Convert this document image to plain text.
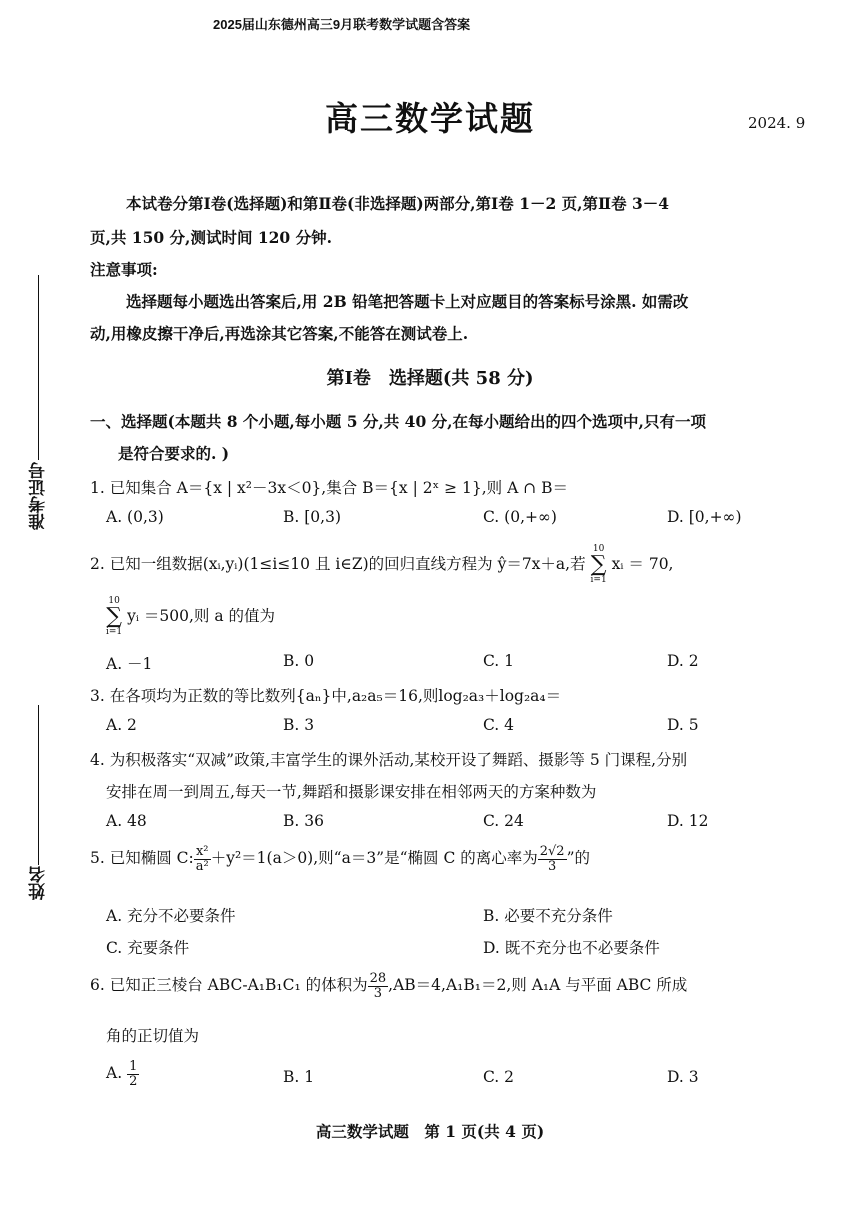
2025届山东德州高三9月联考数学试题含答案
高三数学试题	2024. 9
准考证号
姓名
本试卷分第Ⅰ卷(选择题)和第Ⅱ卷(非选择题)两部分,第Ⅰ卷 1－2 页,第Ⅱ卷 3－4
页,共 150 分,测试时间 120 分钟.
注意事项:
选择题每小题选出答案后,用 2B 铅笔把答题卡上对应题目的答案标号涂黑. 如需改
动,用橡皮擦干净后,再选涂其它答案,不能答在测试卷上.
第Ⅰ卷　选择题(共 58 分)
一、选择题(本题共 8 个小题,每小题 5 分,共 40 分,在每小题给出的四个选项中,只有一项
是符合要求的. )
1. 已知集合 A＝{x | x²－3x＜0},集合 B＝{x | 2ˣ ≥ 1},则 A ∩ B＝
A. (0,3)	B. [0,3)	C. (0,+∞)	D. [0,+∞)
2. 已知一组数据(xᵢ,yᵢ)(1≤i≤10 且 i∈Z)的回归直线方程为 ŷ＝7x＋a,若
10
∑
i=1
xᵢ ＝ 70,
10
∑
i=1
yᵢ ＝500,则 a 的值为
A. －1	B. 0	C. 1	D. 2
3. 在各项均为正数的等比数列{aₙ}中,a₂a₅＝16,则log₂a₃＋log₂a₄＝
A. 2	B. 3	C. 4	D. 5
4. 为积极落实“双减”政策,丰富学生的课外活动,某校开设了舞蹈、摄影等 5 门课程,分别
安排在周一到周五,每天一节,舞蹈和摄影课安排在相邻两天的方案种数为
A. 48	B. 36	C. 24	D. 12
5. 已知椭圆 C: $\frac{\text{x²}}{\text{a²}} +y^2=1(a>0)$,则“a＝3”是“椭圆 C 的离心率为 $\frac{2√2}{3}$ ”的
A. 充分不必要条件	B. 必要不充分条件
C. 充要条件	D. 既不充分也不必要条件
6. 已知正三棱台 ABC-A₁B₁C₁ 的体积为 $\frac{28}{3} ,AB=4,A_1B_1=2$,则 A₁A 与平面 ABC 所成
角的正切值为
A. $\frac{1}{2}$	B. 1	C. 2	D. 3
高三数学试题　第 1 页(共 4 页)
